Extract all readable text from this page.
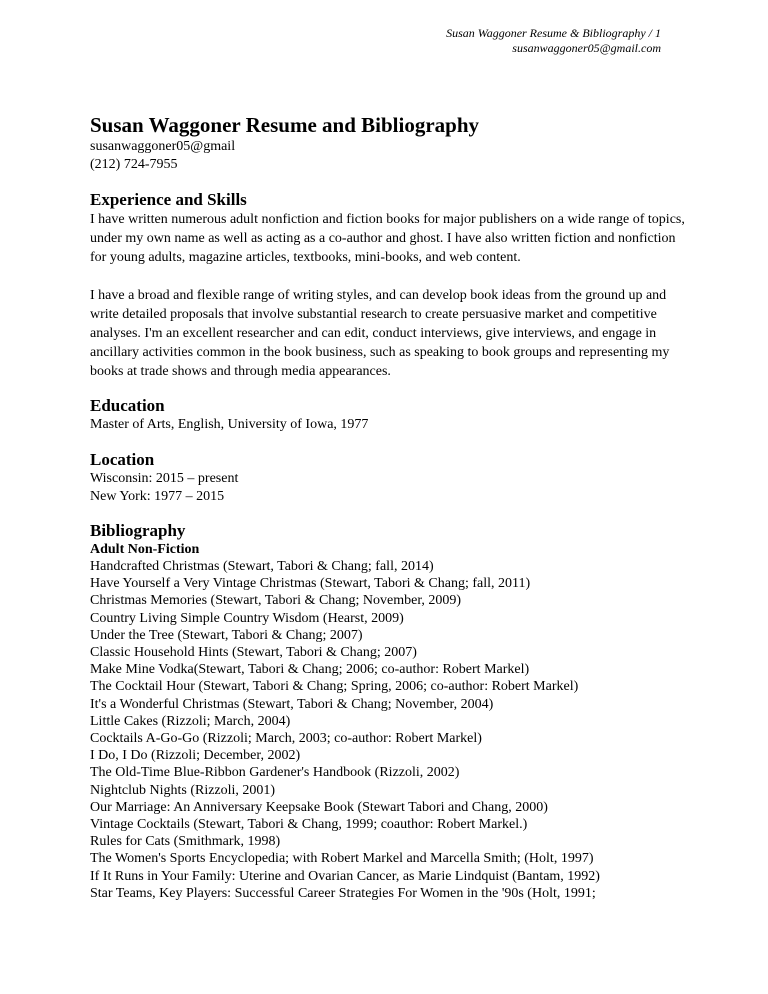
Susan Waggoner Resume & Bibliography / 1
susanwaggoner05@gmail.com
Susan Waggoner Resume and Bibliography

susanwaggoner05@gmail

(212) 724-7955

Experience and Skills

I have written numerous adult nonfiction and fiction books for major publishers on a wide range of topics, under my own name as well as acting as a co-author and ghost. I have also written fiction and nonfiction for young adults, magazine articles, textbooks, mini-books, and web content.

I have a broad and flexible range of writing styles, and can develop book ideas from the ground up and write detailed proposals that involve substantial research to create persuasive market and competitive analyses. I'm an excellent researcher and can edit, conduct interviews, give interviews, and engage in ancillary activities common in the book business, such as speaking to book groups and representing my books at trade shows and through media appearances.

Education

Master of Arts, English, University of Iowa, 1977

Location

Wisconsin: 2015 – present

New York: 1977 – 2015

Bibliography

Adult Non-Fiction

Handcrafted Christmas (Stewart, Tabori & Chang; fall, 2014)
Have Yourself a Very Vintage Christmas (Stewart, Tabori & Chang; fall, 2011)
Christmas Memories (Stewart, Tabori & Chang; November, 2009)
Country Living Simple Country Wisdom (Hearst, 2009)
Under the Tree (Stewart, Tabori & Chang; 2007)
Classic Household Hints (Stewart, Tabori & Chang; 2007)
Make Mine Vodka(Stewart, Tabori & Chang; 2006; co-author: Robert Markel)
The Cocktail Hour (Stewart, Tabori & Chang; Spring, 2006; co-author: Robert Markel)
It's a Wonderful Christmas (Stewart, Tabori & Chang; November, 2004)
Little Cakes (Rizzoli; March, 2004)
Cocktails A-Go-Go (Rizzoli; March, 2003; co-author: Robert Markel)
I Do, I Do (Rizzoli; December, 2002)
The Old-Time Blue-Ribbon Gardener's Handbook (Rizzoli, 2002)
Nightclub Nights (Rizzoli, 2001)
Our Marriage: An Anniversary Keepsake Book (Stewart Tabori and Chang, 2000)
Vintage Cocktails (Stewart, Tabori & Chang, 1999; coauthor: Robert Markel.)
Rules for Cats (Smithmark, 1998)
The Women's Sports Encyclopedia; with Robert Markel and Marcella Smith; (Holt, 1997)
If It Runs in Your Family: Uterine and Ovarian Cancer, as Marie Lindquist (Bantam, 1992)
Star Teams, Key Players: Successful Career Strategies For Women in the '90s (Holt, 1991;
